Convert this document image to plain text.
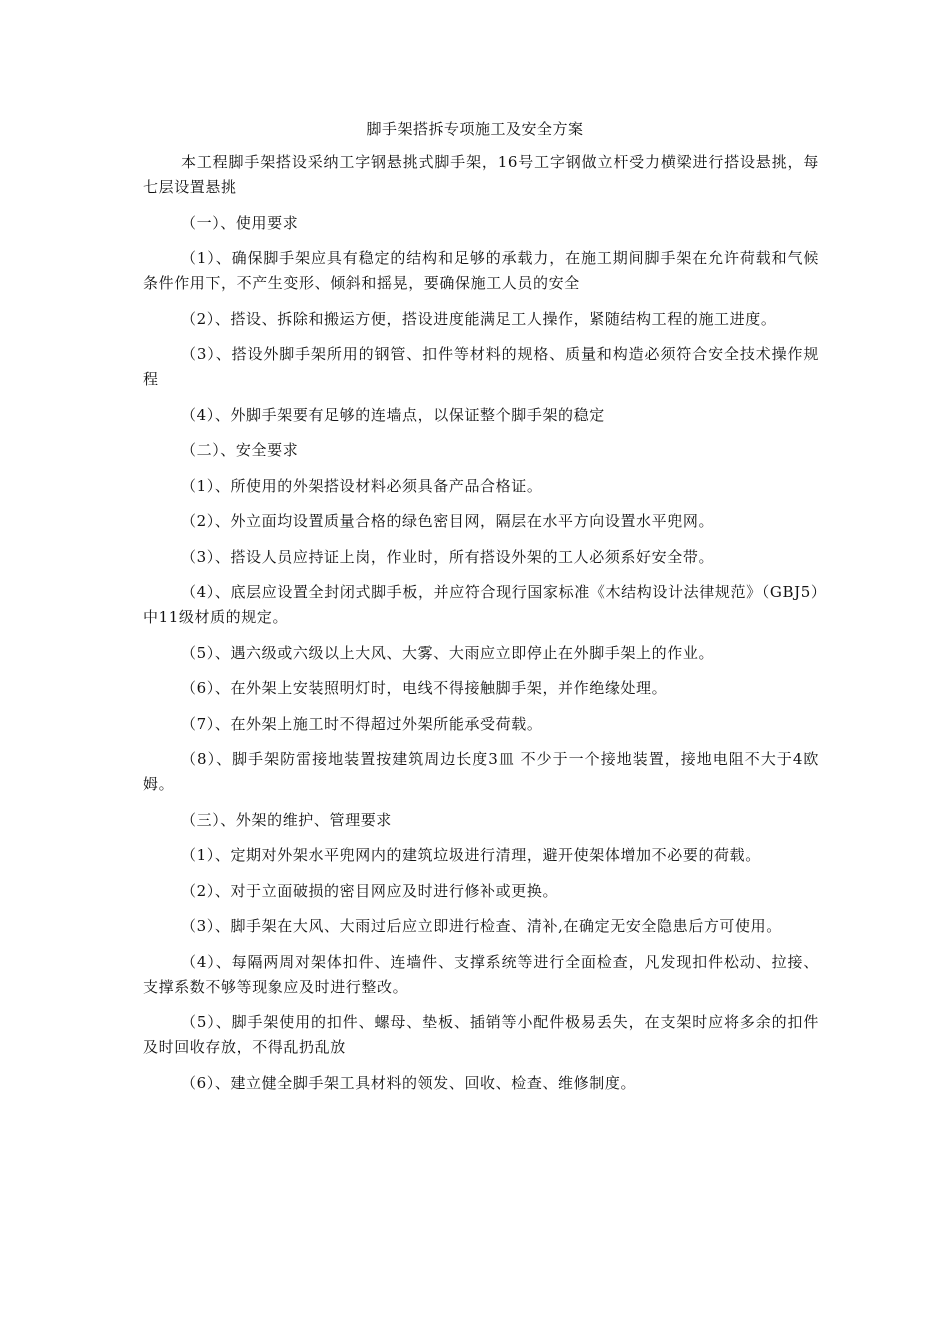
脚手架搭拆专项施工及安全方案

本工程脚手架搭设采纳工字钢悬挑式脚手架，16号工字钢做立杆受力横梁进行搭设悬挑，每七层设置悬挑

（一）、使用要求

（1）、确保脚手架应具有稳定的结构和足够的承载力，在施工期间脚手架在允许荷载和气候条件作用下，不产生变形、倾斜和摇晃，要确保施工人员的安全

（2）、搭设、拆除和搬运方便，搭设进度能满足工人操作，紧随结构工程的施工进度。

（3）、搭设外脚手架所用的钢管、扣件等材料的规格、质量和构造必须符合安全技术操作规程

（4）、外脚手架要有足够的连墙点，以保证整个脚手架的稳定

（二）、安全要求

（1）、所使用的外架搭设材料必须具备产品合格证。

（2）、外立面均设置质量合格的绿色密目网，隔层在水平方向设置水平兜网。

（3）、搭设人员应持证上岗，作业时，所有搭设外架的工人必须系好安全带。

（4）、底层应设置全封闭式脚手板，并应符合现行国家标准《木结构设计法律规范》（GBJ5）中11级材质的规定。

（5）、遇六级或六级以上大风、大雾、大雨应立即停止在外脚手架上的作业。

（6）、在外架上安装照明灯时，电线不得接触脚手架，并作绝缘处理。

（7）、在外架上施工时不得超过外架所能承受荷载。

（8）、脚手架防雷接地装置按建筑周边长度3皿 不少于一个接地装置，接地电阻不大于4欧姆。

（三）、外架的维护、管理要求

（1）、定期对外架水平兜网内的建筑垃圾进行清理，避开使架体增加不必要的荷载。

（2）、对于立面破损的密目网应及时进行修补或更换。

（3）、脚手架在大风、大雨过后应立即进行检查、清补,在确定无安全隐患后方可使用。

（4）、每隔两周对架体扣件、连墙件、支撑系统等进行全面检查，凡发现扣件松动、拉接、支撑系数不够等现象应及时进行整改。

（5）、脚手架使用的扣件、螺母、垫板、插销等小配件极易丢失，在支架时应将多余的扣件及时回收存放，不得乱扔乱放

（6）、建立健全脚手架工具材料的领发、回收、检查、维修制度。
